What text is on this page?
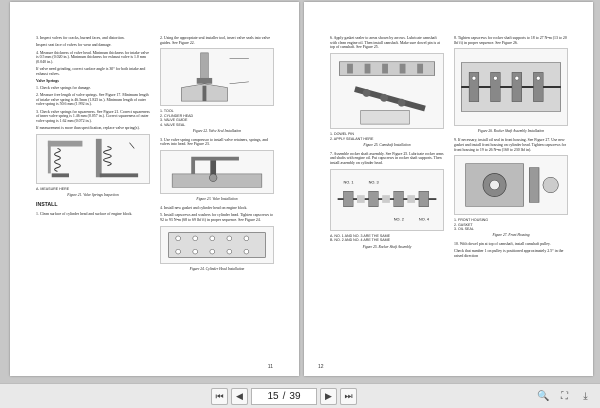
3. Inspect valves for cracks, burned faces, and distortion.

Inspect seat face of valves for wear and damage.

4. Measure thickness of valve head. Minimum thickness for intake valve is 0.5 mm (0.020 in.). Minimum thickness for exhaust valve is 1.0 mm (0.040 in.).

If valve need grinding, correct surface angle is 30° for both intake and exhaust valves.

Valve Springs

1. Check valve springs for damage.

2. Measure free length of valve springs. See Figure 17. Minimum length of intake valve spring is 46.5mm (1.825 in.). Minimum length of outer valve spring is 50.6 mm (1.992 in.).

3. Check valve springs for squareness. See Figure 21. Correct squareness of inner valve spring is 1.46 mm (0.057 in.). Correct squareness of outer valve spring is 1.62 mm (0.072 in.).

If measurement is more than specification, replace valve spring(s).

A. MEASURE HERE
Figure 21. Valve Springs Inspection
INSTALL

1. Clean surface of cylinder head and surface of engine block.

2. Using the appropriate seal installer tool, insert valve seals into valve guides. See Figure 22.

1. TOOL
2. CYLINDER HEAD
3. VALVE GUIDE
4. VALVE SEAL
Figure 22. Valve Seal Installation

3. Use valve spring compressor to install valve retainers, springs, and valves into head. See Figure 23.

Figure 23. Valve Installation

4. Install new gasket and cylinder head on engine block.

5. Install capscrews and washers for cylinder head. Tighten capscrews to 92 to 93 N•m (68 to 69 lbf ft) in proper sequence. See Figure 24.

Figure 24. Cylinder Head Installation
11

6. Apply gasket sealer to areas shown by arrows. Lubricate camshaft with clean engine oil. Then install camshaft. Make sure dowel pin is at top of camshaft. See Figure 25.

1. DOWEL PIN
2. APPLY SEALANT HERE
Figure 25. Camshaft Installation

7. Assemble rocker shaft assembly. See Figure 25. Lubricate rocker arms and shafts with engine oil. Put capscrews in rocker shaft supports. Then install assembly on cylinder head.

NO. 1	NO. 3
NO. 2	NO. 4
A. NO. 1 AND NO. 3 ARE THE SAME
B. NO. 2 AND NO. 4 ARE THE SAME
Figure 25. Rocker Shaft Assembly

8. Tighten capscrews for rocker shaft supports to 18 to 27 N•m (13 to 20 lbf ft) in proper sequence. See Figure 26.

Figure 26. Rocker Shaft Assembly Installation

9. If necessary, install oil seal in front housing. See Figure 27. Use new gasket and install front housing on cylinder head. Tighten capscrews for front housing to 19 to 26 N•m (160 to 230 lbf in).

1. FRONT HOUSING
2. GASKET
3. OIL SEAL
Figure 27. Front Housing

10. With dowel pin at top of camshaft, install camshaft pulley.

Check that number 1 on pulley is positioned approximately 2.5° in the raised direction

12
⏮ ◀ 15 / 39	▶ ⏭	🔍 ⛶ ⤓
